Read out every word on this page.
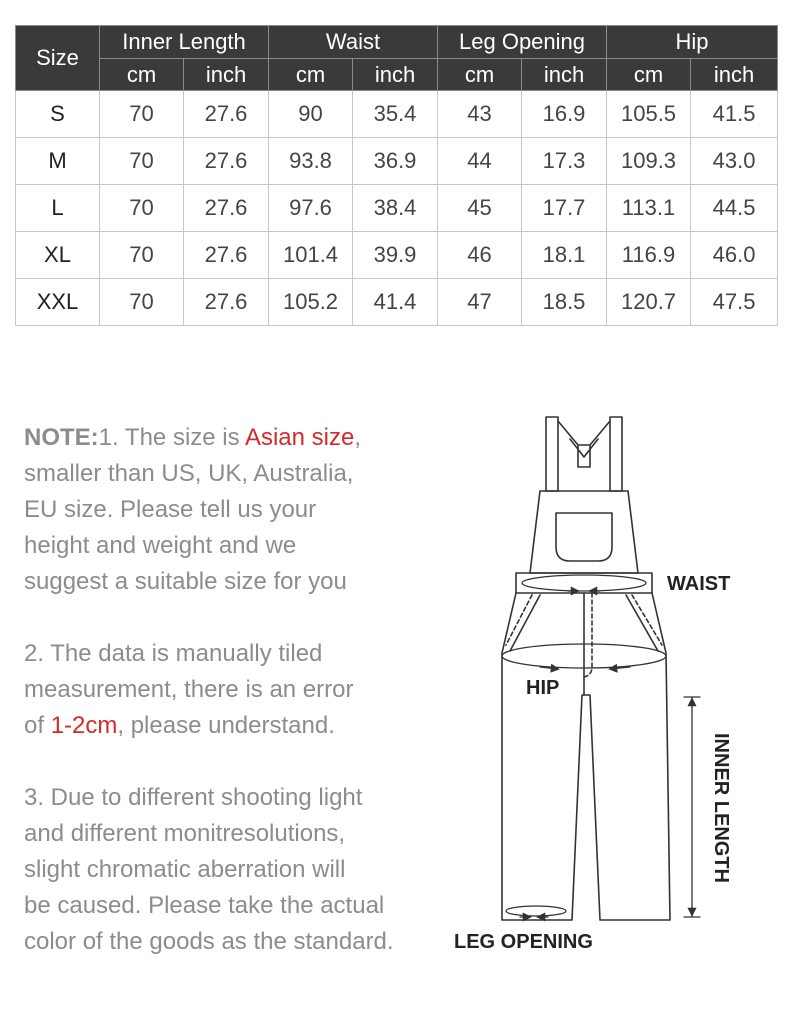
Size	Inner Length		Waist		Leg Opening		Hip	
	cm	inch	cm	inch	cm	inch	cm	inch
S	70	27.6	90	35.4	43	16.9	105.5	41.5
M	70	27.6	93.8	36.9	44	17.3	109.3	43.0
L	70	27.6	97.6	38.4	45	17.7	113.1	44.5
XL	70	27.6	101.4	39.9	46	18.1	116.9	46.0
XXL	70	27.6	105.2	41.4	47	18.5	120.7	47.5

NOTE:1. The size is Asian size,
smaller than US, UK, Australia,
EU size. Please tell us your
height and weight and we
suggest a suitable size for you

2. The data is manually tiled
measurement, there is an error
of 1-2cm, please understand.

3. Due to different shooting light
and different monitresolutions,
slight chromatic aberration will
be caused. Please take the actual
color of the goods as the standard.

WAIST
HIP
LEG OPENING
INNER LENGTH
